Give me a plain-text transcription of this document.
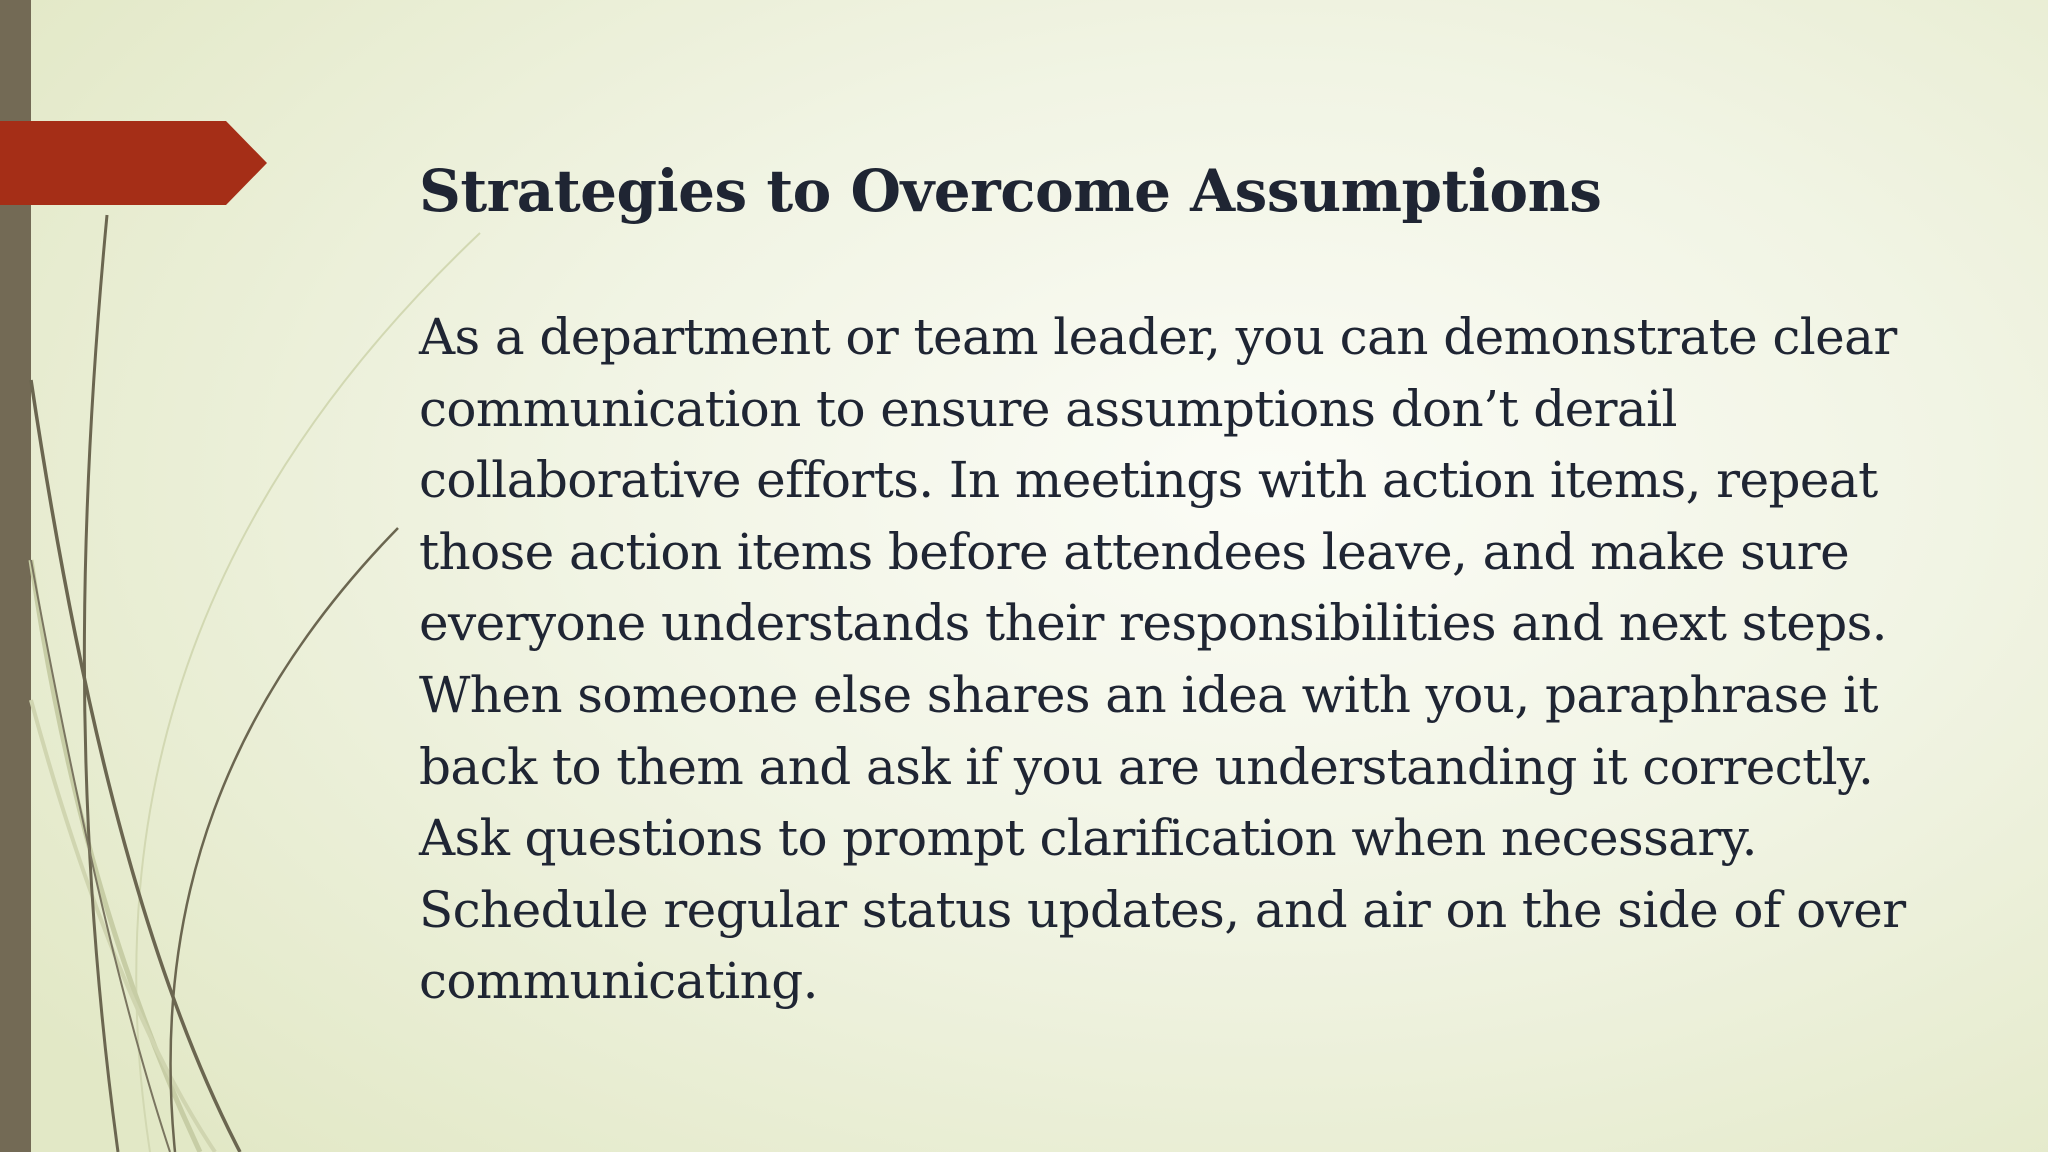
Strategies to Overcome Assumptions

As a department or team leader, you can demonstrate clear
communication to ensure assumptions don’t derail
collaborative efforts. In meetings with action items, repeat
those action items before attendees leave, and make sure
everyone understands their responsibilities and next steps.
When someone else shares an idea with you, paraphrase it
back to them and ask if you are understanding it correctly.
Ask questions to prompt clarification when necessary.
Schedule regular status updates, and air on the side of over
communicating.
